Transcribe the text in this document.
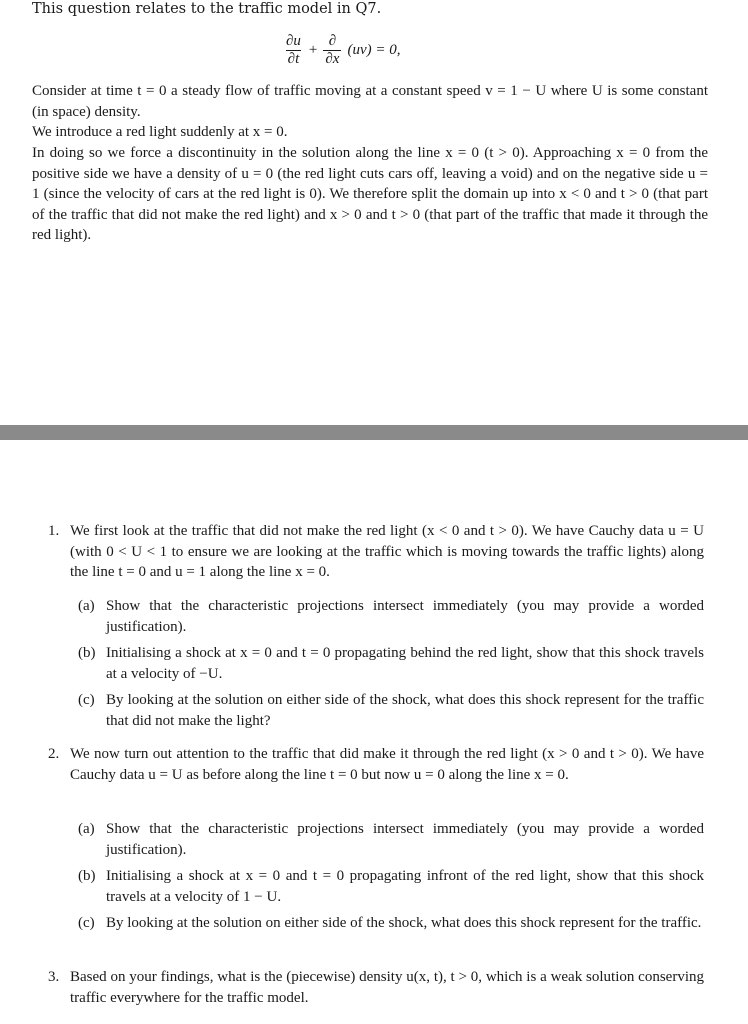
This question relates to the traffic model in Q7.
$\frac{\partial u}{\partial t} + \frac{\partial}{\partial x} (uv) = 0$,

Consider at time t = 0 a steady flow of traffic moving at a constant speed v = 1 − U where U is some constant (in space) density.

We introduce a red light suddenly at x = 0.

In doing so we force a discontinuity in the solution along the line x = 0 (t > 0). Approaching x = 0 from the positive side we have a density of u = 0 (the red light cuts cars off, leaving a void) and on the negative side u = 1 (since the velocity of cars at the red light is 0). We therefore split the domain up into x < 0 and t > 0 (that part of the traffic that did not make the red light) and x > 0 and t > 0 (that part of the traffic that made it through the red light).

1. We first look at the traffic that did not make the red light (x < 0 and t > 0). We have Cauchy data u = U (with 0 < U < 1 to ensure we are looking at the traffic which is moving towards the traffic lights) along the line t = 0 and u = 1 along the line x = 0.
(a) Show that the characteristic projections intersect immediately (you may provide a worded justification).
(b) Initialising a shock at x = 0 and t = 0 propagating behind the red light, show that this shock travels at a velocity of −U.
(c) By looking at the solution on either side of the shock, what does this shock represent for the traffic that did not make the light?
2. We now turn out attention to the traffic that did make it through the red light (x > 0 and t > 0). We have Cauchy data u = U as before along the line t = 0 but now u = 0 along the line x = 0.
(a) Show that the characteristic projections intersect immediately (you may provide a worded justification).
(b) Initialising a shock at x = 0 and t = 0 propagating infront of the red light, show that this shock travels at a velocity of 1 − U.
(c) By looking at the solution on either side of the shock, what does this shock represent for the traffic.
3. Based on your findings, what is the (piecewise) density u(x, t), t > 0, which is a weak solution conserving traffic everywhere for the traffic model.
